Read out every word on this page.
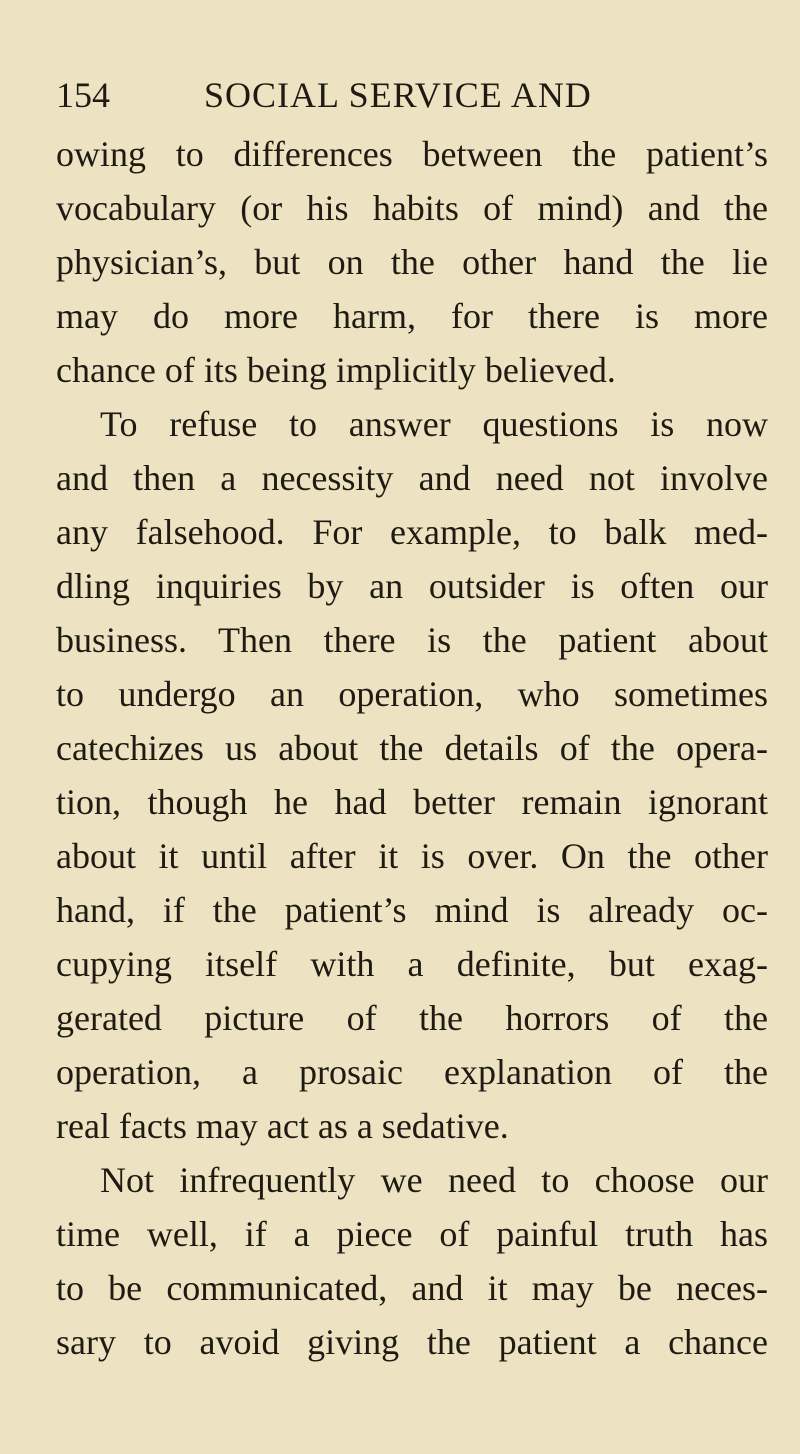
154	SOCIAL SERVICE AND
owing to differences between the patient’s
vocabulary (or his habits of mind) and the
physician’s, but on the other hand the lie
may do more harm, for there is more
chance of its being implicitly believed.
To refuse to answer questions is now
and then a necessity and need not involve
any falsehood. For example, to balk med-
dling inquiries by an outsider is often our
business. Then there is the patient about
to undergo an operation, who sometimes
catechizes us about the details of the opera-
tion, though he had better remain ignorant
about it until after it is over. On the other
hand, if the patient’s mind is already oc-
cupying itself with a definite, but exag-
gerated picture of the horrors of the
operation, a prosaic explanation of the
real facts may act as a sedative.
Not infrequently we need to choose our
time well, if a piece of painful truth has
to be communicated, and it may be neces-
sary to avoid giving the patient a chance
